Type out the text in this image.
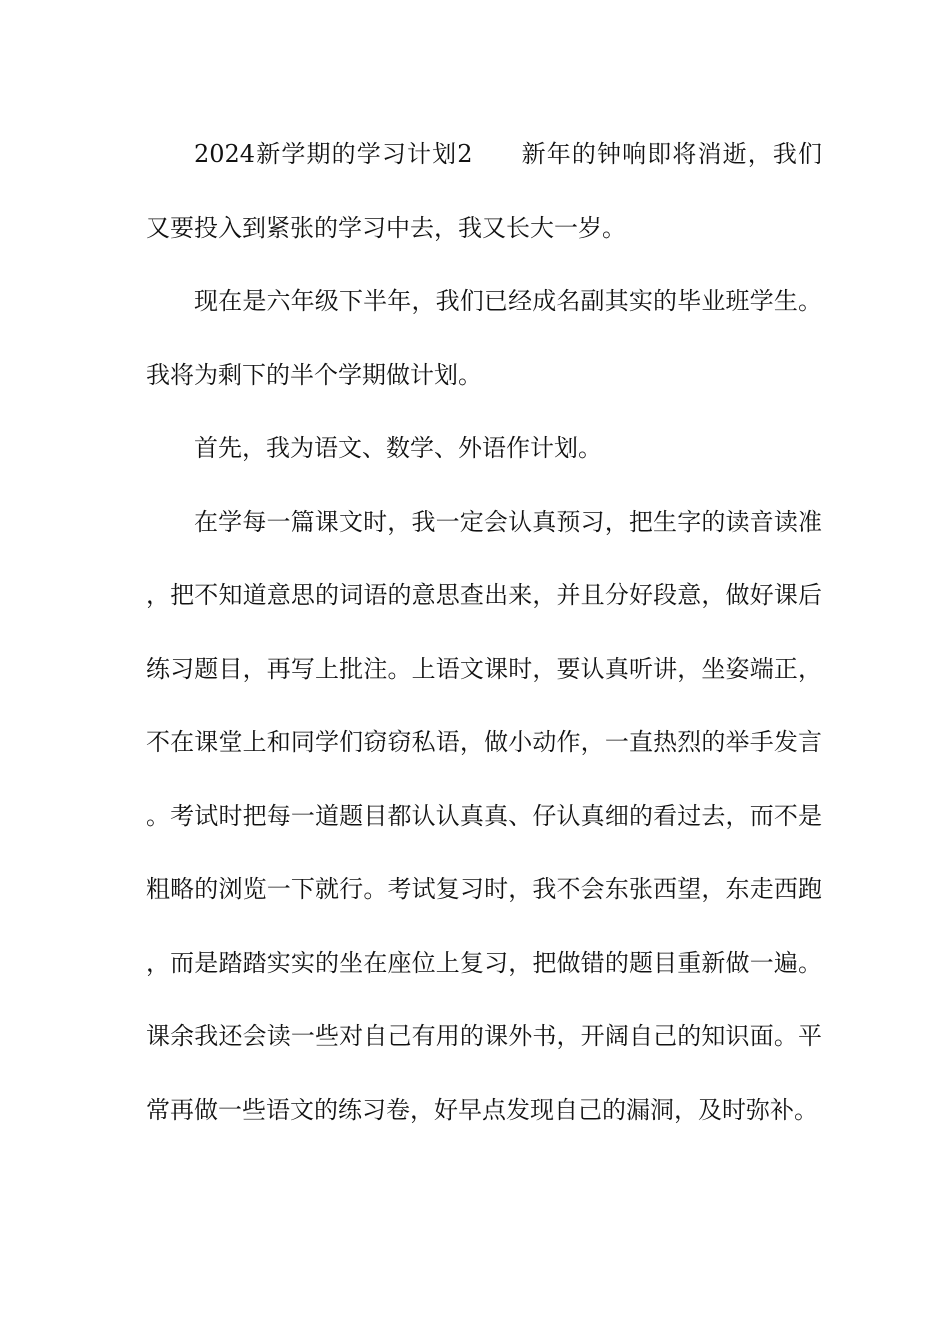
2024新学期的学习计划2 新年的钟响即将消逝，我们又要投入到紧张的学习中去，我又长大一岁。

现在是六年级下半年，我们已经成名副其实的毕业班学生。我将为剩下的半个学期做计划。

首先，我为语文、数学、外语作计划。

在学每一篇课文时，我一定会认真预习，把生字的读音读准，把不知道意思的词语的意思查出来，并且分好段意，做好课后练习题目，再写上批注。上语文课时，要认真听讲，坐姿端正，不在课堂上和同学们窃窃私语，做小动作，一直热烈的举手发言。考试时把每一道题目都认认真真、仔认真细的看过去，而不是粗略的浏览一下就行。考试复习时，我不会东张西望，东走西跑，而是踏踏实实的坐在座位上复习，把做错的题目重新做一遍。课余我还会读一些对自己有用的课外书，开阔自己的知识面。平常再做一些语文的练习卷，好早点发现自己的漏洞，及时弥补。
